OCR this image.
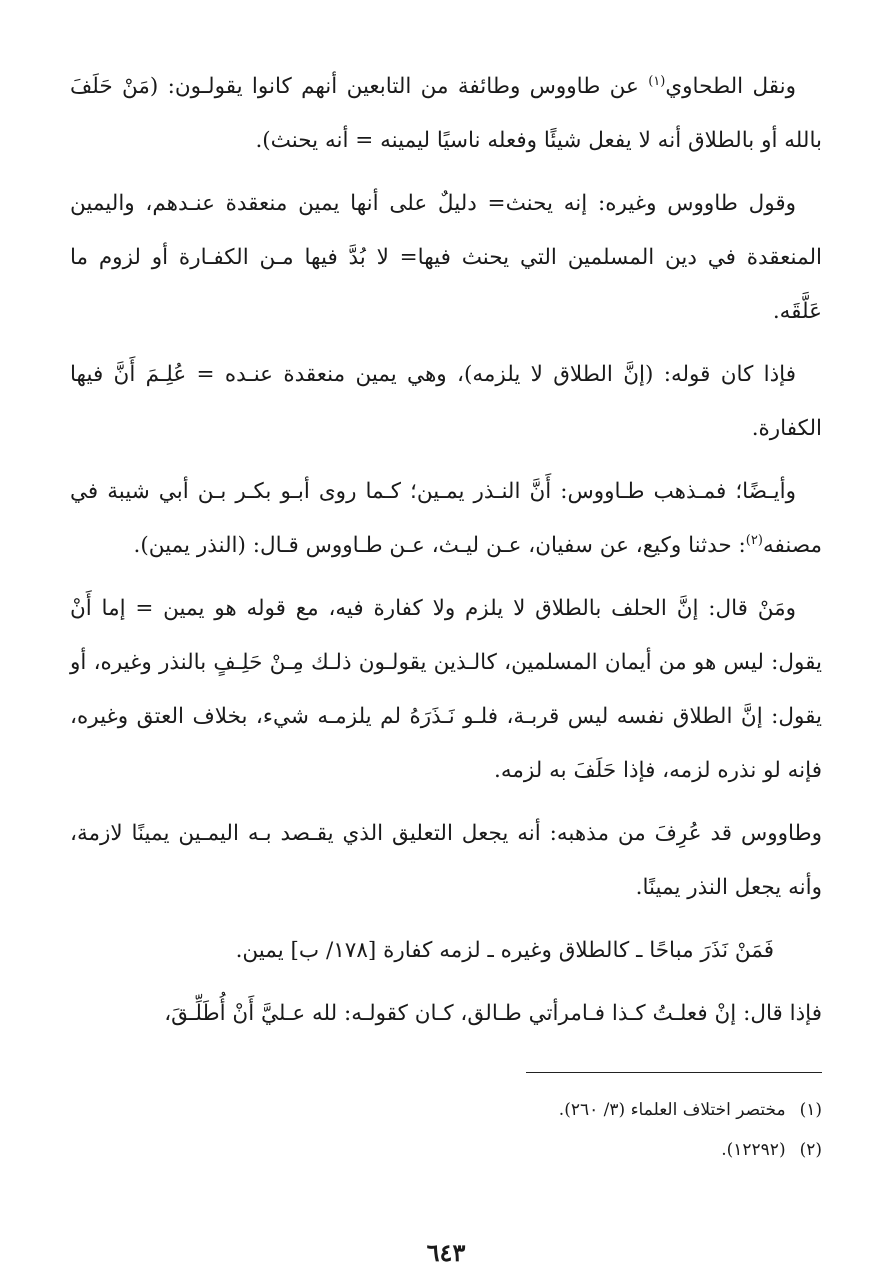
ونقل الطحاوي$^{(١)}$ عن طاووس وطائفة من التابعين أنهم كانوا يقولـون: (مَنْ حَلَفَ بالله أو بالطلاق أنه لا يفعل شيئًا وفعله ناسيًا ليمينه = أنه يحنث).

وقول طاووس وغيره: إنه يحنث= دليلٌ على أنها يمين منعقدة عنـدهم، واليمين المنعقدة في دين المسلمين التي يحنث فيها= لا بُدَّ فيها مـن الكفـارة أو لزوم ما عَلَّقَه.

فإذا كان قوله: (إنَّ الطلاق لا يلزمه)، وهي يمين منعقدة عنـده = عُلِـمَ أَنَّ فيها الكفارة.

وأيـضًا؛ فمـذهب طـاووس: أَنَّ النـذر يمـين؛ كـما روى أبـو بكـر بـن أبي شيبة في مصنفه$^{(٢)}$: حدثنا وكيع، عن سفيان، عـن ليـث، عـن طـاووس قـال: (النذر يمين).

ومَنْ قال: إنَّ الحلف بالطلاق لا يلزم ولا كفارة فيه، مع قوله هو يمين = إما أَنْ يقول: ليس هو من أيمان المسلمين، كالـذين يقولـون ذلـك مِـنْ حَلِـفٍ بالنذر وغيره، أو يقول: إنَّ الطلاق نفسه ليس قربـة، فلـو نَـذَرَهُ لم يلزمـه شيء، بخلاف العتق وغيره، فإنه لو نذره لزمه، فإذا حَلَفَ به لزمه.

وطاووس قد عُرِفَ من مذهبه: أنه يجعل التعليق الذي يقـصد بـه اليمـين يمينًا لازمة، وأنه يجعل النذر يمينًا.

فَمَنْ نَذَرَ مباحًا ـ كالطلاق وغيره ـ لزمه كفارة [١٧٨/ ب] يمين.

فإذا قال: إنْ فعلـتُ كـذا فـامرأتي طـالق، كـان كقولـه: لله عـليَّ أَنْ أُطَلِّـقَ،

(١)
مختصر اختلاف العلماء (٣/ ٢٦٠).
(٢)
(١٢٢٩٢).
٦٤٣
